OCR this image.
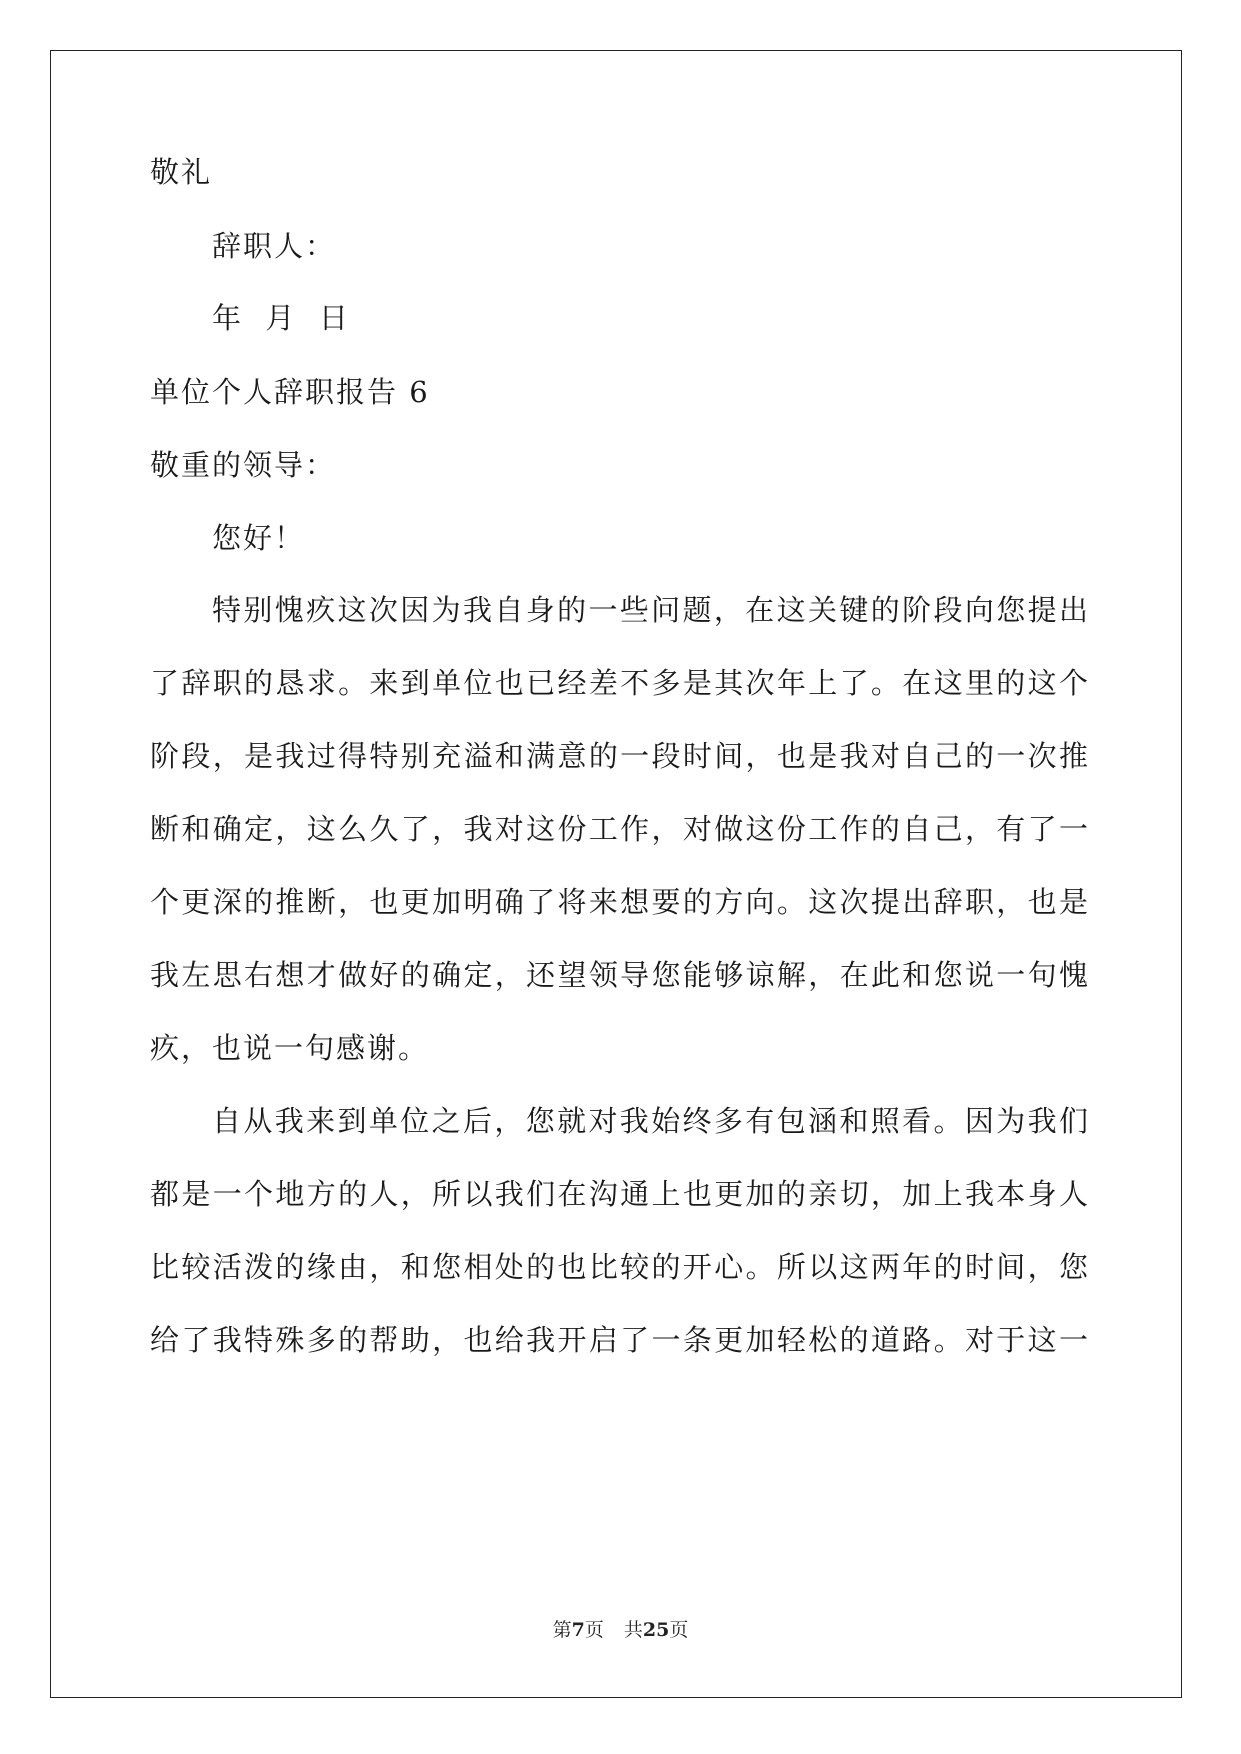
敬礼
辞职人：
年  月  日
单位个人辞职报告 6
敬重的领导：
您好！
特别愧疚这次因为我自身的一些问题，在这关键的阶段向您提出
了辞职的恳求。来到单位也已经差不多是其次年上了。在这里的这个
阶段，是我过得特别充溢和满意的一段时间，也是我对自己的一次推
断和确定，这么久了，我对这份工作，对做这份工作的自己，有了一
个更深的推断，也更加明确了将来想要的方向。这次提出辞职，也是
我左思右想才做好的确定，还望领导您能够谅解，在此和您说一句愧
疚，也说一句感谢。
自从我来到单位之后，您就对我始终多有包涵和照看。因为我们
都是一个地方的人，所以我们在沟通上也更加的亲切，加上我本身人
比较活泼的缘由，和您相处的也比较的开心。所以这两年的时间，您
给了我特殊多的帮助，也给我开启了一条更加轻松的道路。对于这一
第7页 共25页
